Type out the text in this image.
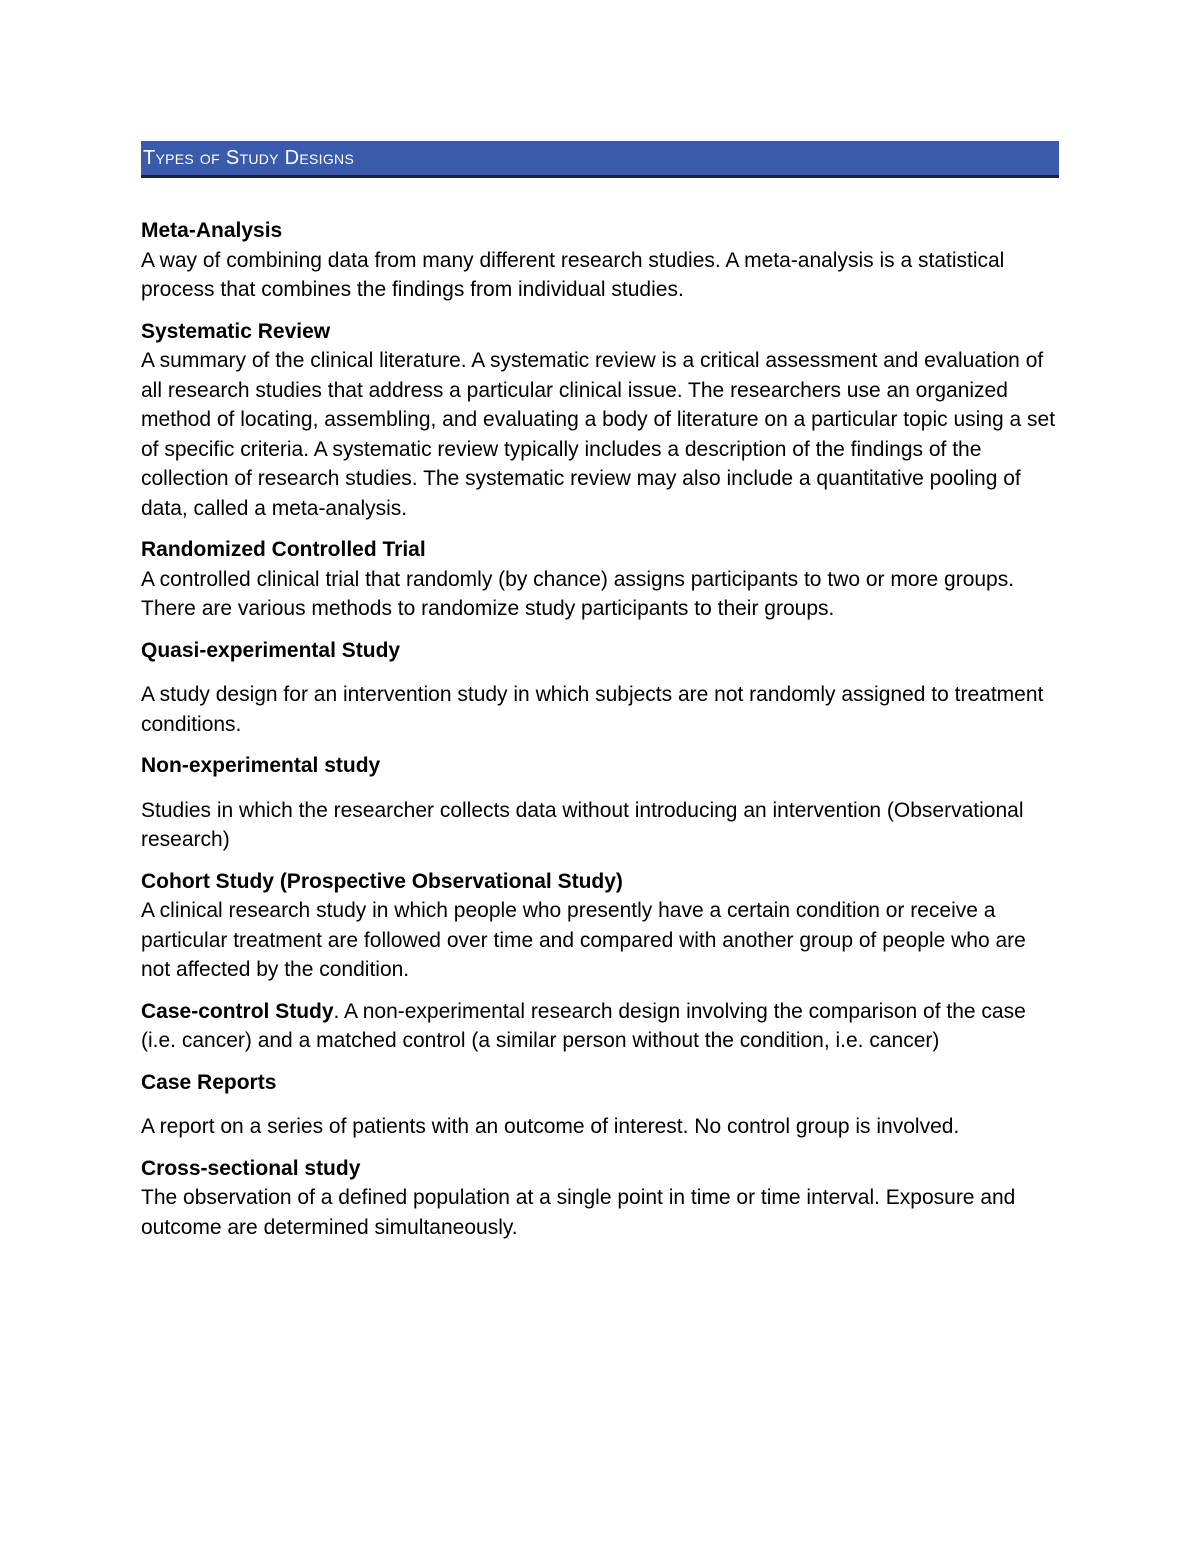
Types of Study Designs
Meta-Analysis
A way of combining data from many different research studies. A meta-analysis is a statistical process that combines the findings from individual studies.
Systematic Review
A summary of the clinical literature. A systematic review is a critical assessment and evaluation of all research studies that address a particular clinical issue. The researchers use an organized method of locating, assembling, and evaluating a body of literature on a particular topic using a set of specific criteria. A systematic review typically includes a description of the findings of the collection of research studies. The systematic review may also include a quantitative pooling of data, called a meta-analysis.
Randomized Controlled Trial
A controlled clinical trial that randomly (by chance) assigns participants to two or more groups. There are various methods to randomize study participants to their groups.
Quasi-experimental Study
A study design for an intervention study in which subjects are not randomly assigned to treatment conditions.
Non-experimental study
Studies in which the researcher collects data without introducing an intervention (Observational research)
Cohort Study (Prospective Observational Study)
A clinical research study in which people who presently have a certain condition or receive a particular treatment are followed over time and compared with another group of people who are not affected by the condition.
Case-control Study. A non-experimental research design involving the comparison of the case (i.e. cancer) and a matched control (a similar person without the condition, i.e. cancer)
Case Reports
A report on a series of patients with an outcome of interest. No control group is involved.
Cross-sectional study
The observation of a defined population at a single point in time or time interval. Exposure and outcome are determined simultaneously.
